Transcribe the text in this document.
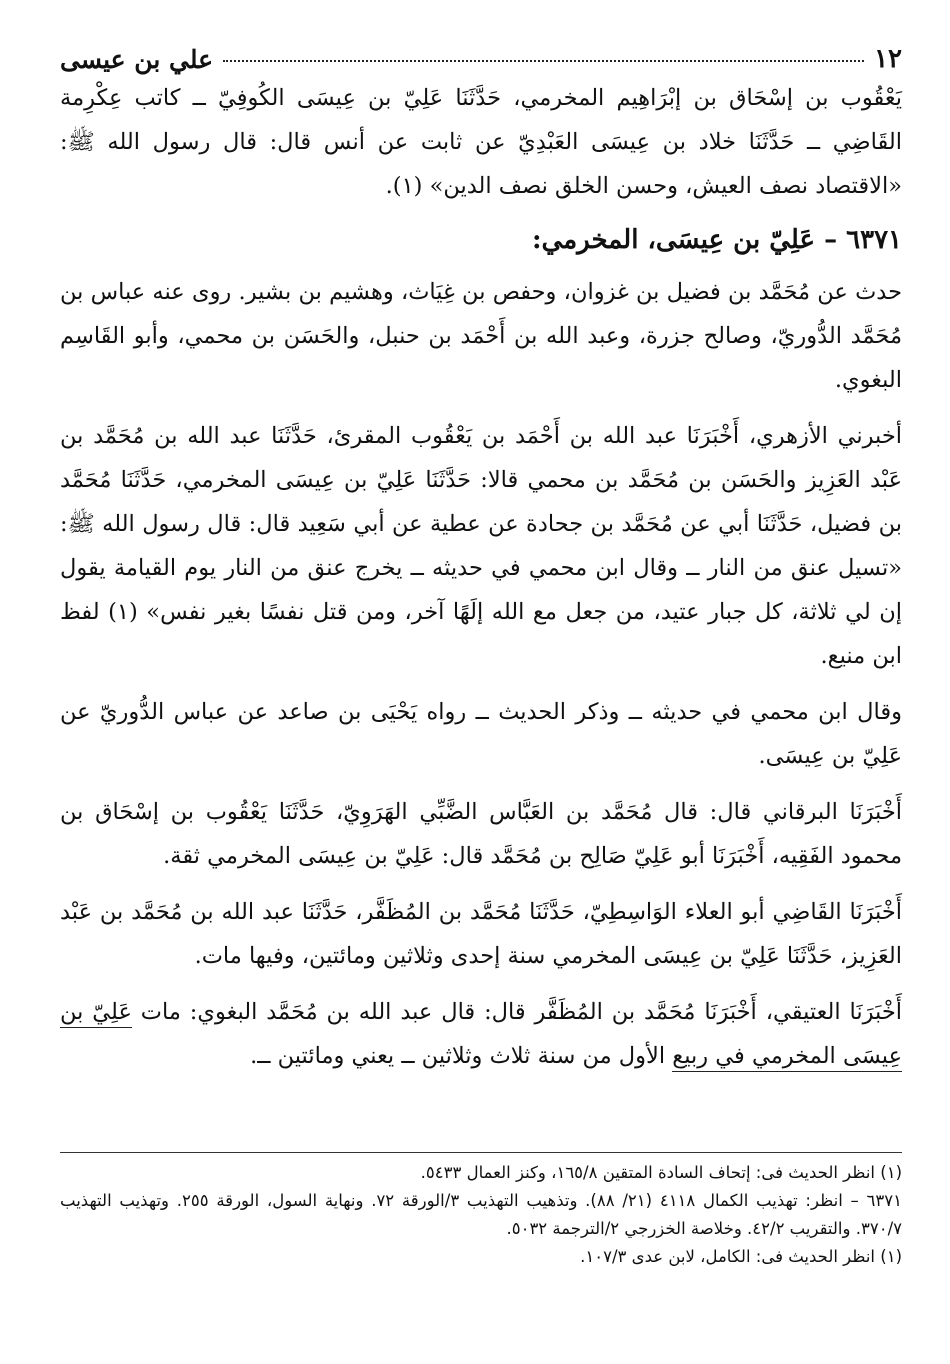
١٢
علي بن عيسى

يَعْقُوب بن إسْحَاق بن إبْرَاهِيم المخرمي، حَدَّثَنَا عَلِيّ بن عِيسَى الكُوفِيّ ــ كاتب عِكْرِمة القَاضِي ــ حَدَّثَنَا خلاد بن عِيسَى العَبْدِيّ عن ثابت عن أنس قال: قال رسول الله ﷺ: «الاقتصاد نصف العيش، وحسن الخلق نصف الدين» (١).

٦٣٧١ – عَلِيّ بن عِيسَى، المخرمي:

حدث عن مُحَمَّد بن فضيل بن غزوان، وحفص بن غِيَاث، وهشيم بن بشير. روى عنه عباس بن مُحَمَّد الدُّوريّ، وصالح جزرة، وعبد الله بن أَحْمَد بن حنبل، والحَسَن بن محمي، وأبو القَاسِم البغوي.

أخبرني الأزهري، أَخْبَرَنَا عبد الله بن أَحْمَد بن يَعْقُوب المقرئ، حَدَّثَنَا عبد الله بن مُحَمَّد بن عَبْد العَزِيز والحَسَن بن مُحَمَّد بن محمي قالا: حَدَّثَنَا عَلِيّ بن عِيسَى المخرمي، حَدَّثَنَا مُحَمَّد بن فضيل، حَدَّثَنَا أبي عن مُحَمَّد بن جحادة عن عطية عن أبي سَعِيد قال: قال رسول الله ﷺ: «تسيل عنق من النار ــ وقال ابن محمي في حديثه ــ يخرج عنق من النار يوم القيامة يقول إن لي ثلاثة، كل جبار عتيد، من جعل مع الله إلَهًا آخر، ومن قتل نفسًا بغير نفس» (١) لفظ ابن منيع.

وقال ابن محمي في حديثه ــ وذكر الحديث ــ رواه يَحْيَى بن صاعد عن عباس الدُّوريّ عن عَلِيّ بن عِيسَى.

أَخْبَرَنَا البرقاني قال: قال مُحَمَّد بن العَبَّاس الضَّبِّي الهَرَوِيّ، حَدَّثَنَا يَعْقُوب بن إسْحَاق بن محمود الفَقِيه، أَخْبَرَنَا أبو عَلِيّ صَالِح بن مُحَمَّد قال: عَلِيّ بن عِيسَى المخرمي ثقة.

أَخْبَرَنَا القَاضِي أبو العلاء الوَاسِطِيّ، حَدَّثَنَا مُحَمَّد بن المُظَفَّر، حَدَّثَنَا عبد الله بن مُحَمَّد بن عَبْد العَزِيز، حَدَّثَنَا عَلِيّ بن عِيسَى المخرمي سنة إحدى وثلاثين ومائتين، وفيها مات.

أَخْبَرَنَا العتيقي، أَخْبَرَنَا مُحَمَّد بن المُظَفَّر قال: قال عبد الله بن مُحَمَّد البغوي: مات عَلِيّ بن عِيسَى المخرمي في ربيع الأول من سنة ثلاث وثلاثين ــ يعني ومائتين ــ.

(١) انظر الحديث فى: إتحاف السادة المتقين ١٦٥/٨، وكنز العمال ٥٤٣٣.

٦٣٧١ – انظر: تهذيب الكمال ٤١١٨ (٢١/ ٨٨). وتذهيب التهذيب ٣/الورقة ٧٢. ونهاية السول، الورقة ٢٥٥. وتهذيب التهذيب ٣٧٠/٧. والتقريب ٤٢/٢. وخلاصة الخزرجي ٢/الترجمة ٥٠٣٢.

(١) انظر الحديث فى: الكامل، لابن عدى ١٠٧/٣.
